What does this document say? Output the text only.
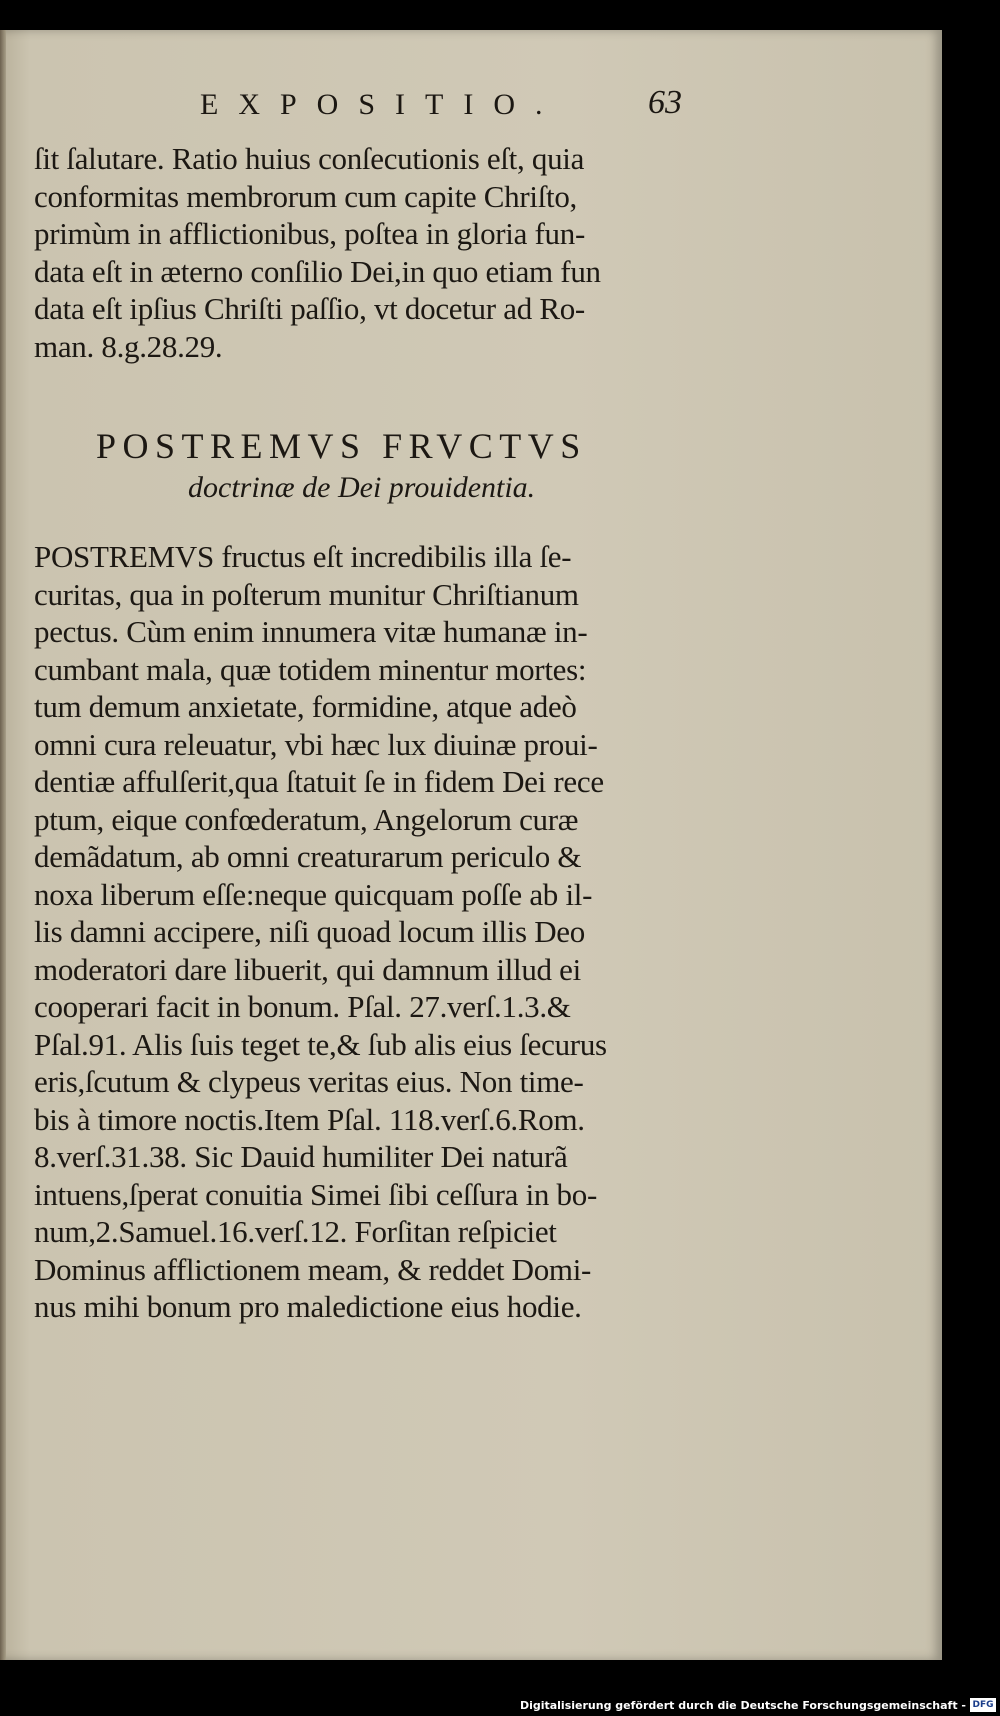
EXPOSITIO.	63
ſit ſalutare. Ratio huius conſecutionis eſt, quia
conformitas membrorum cum capite Chriſto,
primùm in afflictionibus, poſtea in gloria fun-
data eſt in æterno conſilio Dei,in quo etiam fun
data eſt ipſius Chriſti paſſio, vt docetur ad Ro-
man. 8.g.28.29.
POSTREMVS FRVCTVS
doctrinæ de Dei prouidentia.
POSTREMVS fructus eſt incredibilis illa ſe-
curitas, qua in poſterum munitur Chriſtianum
pectus. Cùm enim innumera vitæ humanæ in-
cumbant mala, quæ totidem minentur mortes:
tum demum anxietate, formidine, atque adeò
omni cura releuatur, vbi hæc lux diuinæ proui-
dentiæ affulſerit,qua ſtatuit ſe in fidem Dei rece
ptum, eique confœderatum, Angelorum curæ
demãdatum, ab omni creaturarum periculo &
noxa liberum eſſe:neque quicquam poſſe ab il-
lis damni accipere, niſi quoad locum illis Deo
moderatori dare libuerit, qui damnum illud ei
cooperari facit in bonum. Pſal. 27.verſ.1.3.&
Pſal.91. Alis ſuis teget te,& ſub alis eius ſecurus
eris,ſcutum & clypeus veritas eius. Non time-
bis à timore noctis.Item Pſal. 118.verſ.6.Rom.
8.verſ.31.38. Sic Dauid humiliter Dei naturã
intuens,ſperat conuitia Simei ſibi ceſſura in bo-
num,2.Samuel.16.verſ.12. Forſitan reſpiciet
Dominus afflictionem meam, & reddet Domi-
nus mihi bonum pro maledictione eius hodie.
Digitalisierung gefördert durch die Deutsche Forschungsgemeinschaft - DFG
